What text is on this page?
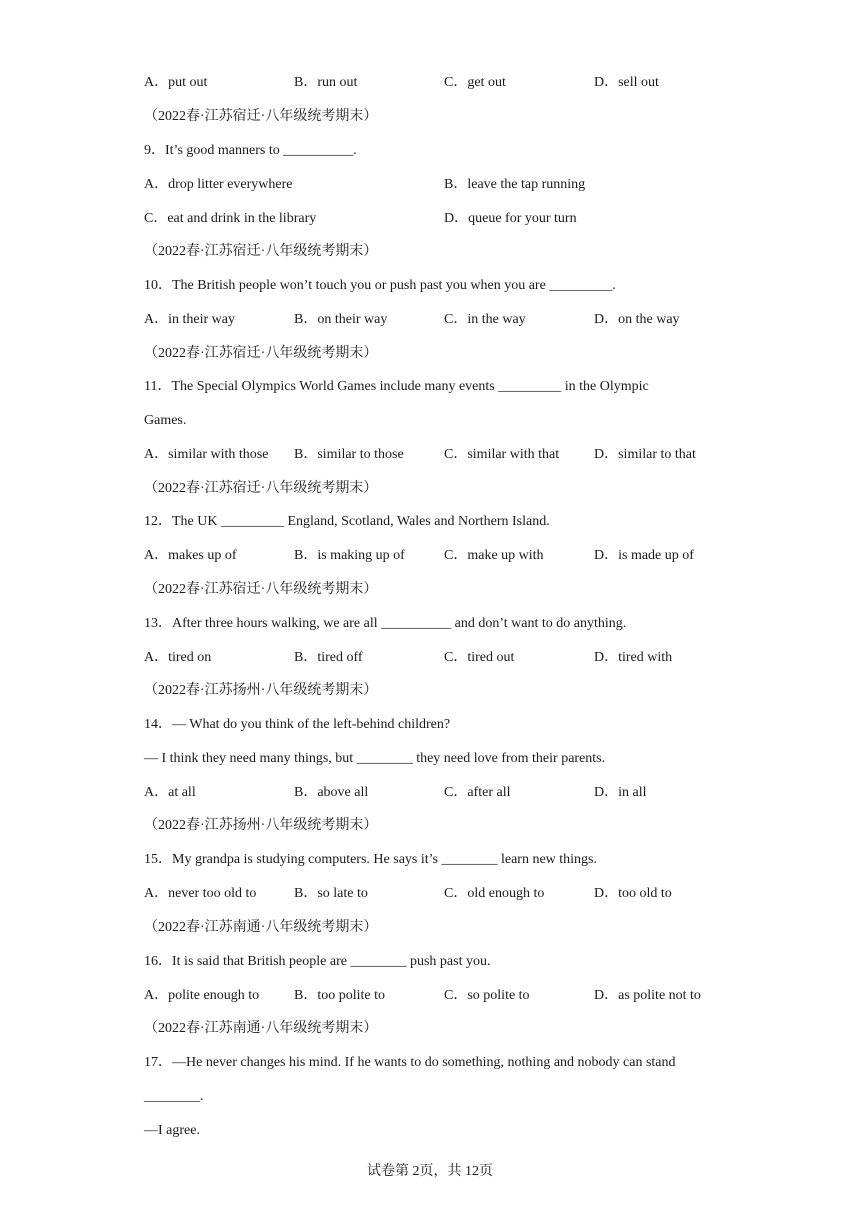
A．put out	B．run out	C．get out	D．sell out
（2022春·江苏宿迁·八年级统考期末）
9．It’s good manners to __________.
A．drop litter everywhere	B．leave the tap running
C．eat and drink in the library	D．queue for your turn
（2022春·江苏宿迁·八年级统考期末）
10．The British people won’t touch you or push past you when you are _________.
A．in their way	B．on their way	C．in the way	D．on the way
（2022春·江苏宿迁·八年级统考期末）
11．The Special Olympics World Games include many events _________ in the Olympic
Games.
A．similar with those B．similar to those	C．similar with that D．similar to that
（2022春·江苏宿迁·八年级统考期末）
12．The UK _________ England, Scotland, Wales and Northern Island.
A．makes up of	B．is making up of	C．make up with	D．is made up of
（2022春·江苏宿迁·八年级统考期末）
13．After three hours walking, we are all __________ and don’t want to do anything.
A．tired on	B．tired off	C．tired out	D．tired with
（2022春·江苏扬州·八年级统考期末）
14．— What do you think of the left-behind children?
— I think they need many things, but ________ they need love from their parents.
A．at all	B．above all	C．after all	D．in all
（2022春·江苏扬州·八年级统考期末）
15．My grandpa is studying computers. He says it’s ________ learn new things.
A．never too old to	B．so late to	C．old enough to	D．too old to
（2022春·江苏南通·八年级统考期末）
16．It is said that British people are ________ push past you.
A．polite enough to B．too polite to	C．so polite to	D．as polite not to
（2022春·江苏南通·八年级统考期末）
17．—He never changes his mind. If he wants to do something, nothing and nobody can stand
________.
—I agree.
试卷第 2页，共 12页
